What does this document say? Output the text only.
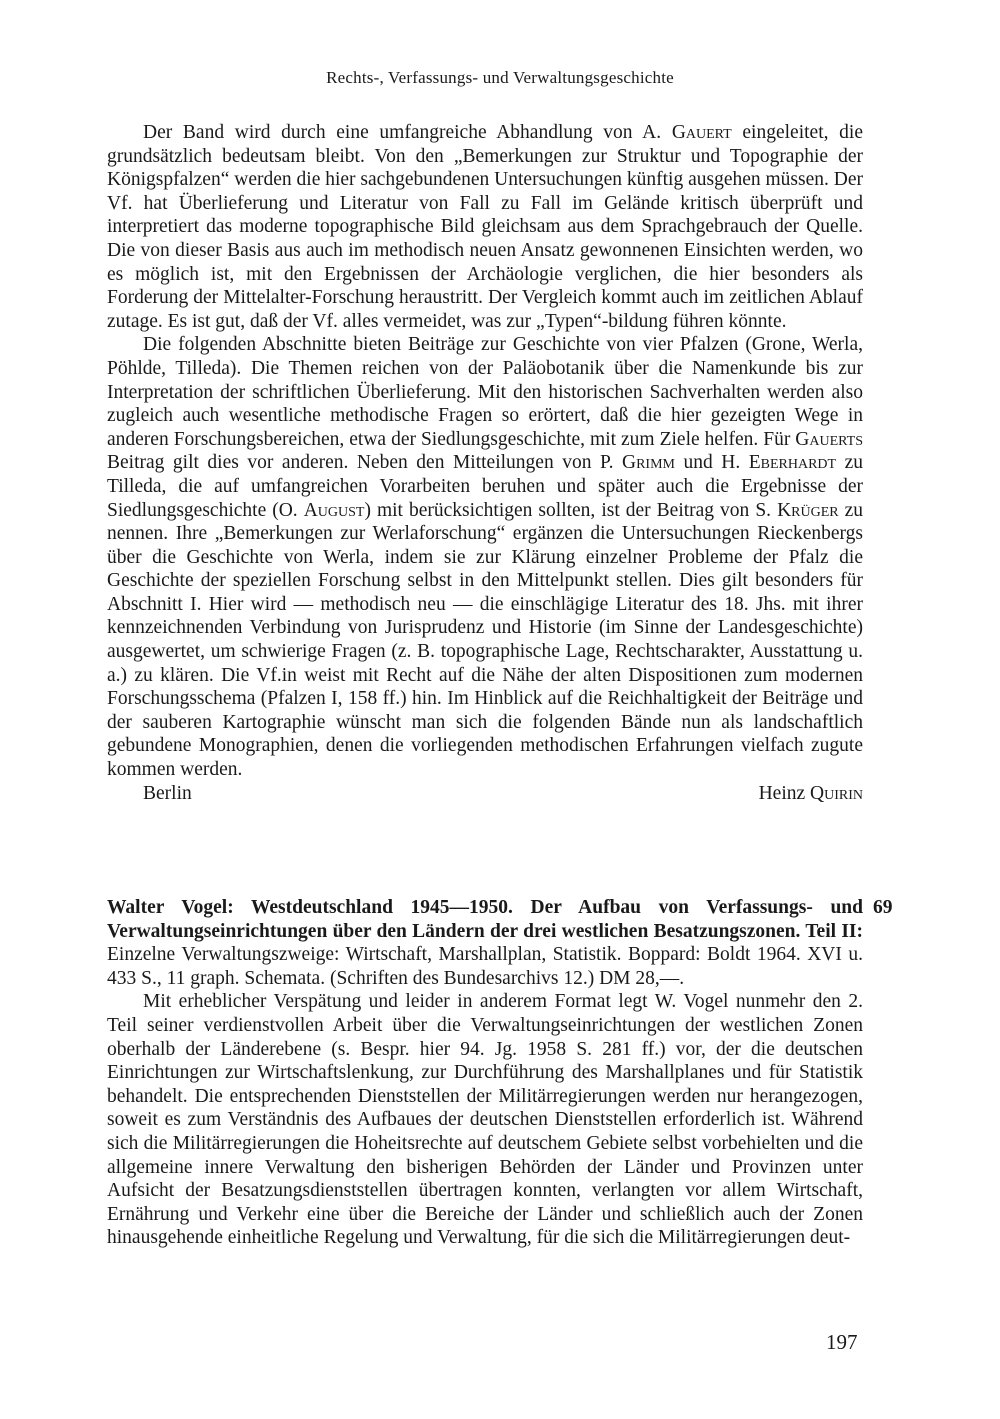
Rechts-, Verfassungs- und Verwaltungsgeschichte

Der Band wird durch eine umfangreiche Abhandlung von A. Gauert eingeleitet, die grundsätzlich bedeutsam bleibt. Von den „Bemerkungen zur Struktur und Topographie der Königspfalzen“ werden die hier sachgebundenen Untersuchungen künftig ausgehen müssen. Der Vf. hat Überlieferung und Literatur von Fall zu Fall im Gelände kritisch überprüft und interpretiert das moderne topographische Bild gleichsam aus dem Sprachgebrauch der Quelle. Die von dieser Basis aus auch im methodisch neuen Ansatz gewonnenen Einsichten werden, wo es möglich ist, mit den Ergebnissen der Archäologie verglichen, die hier besonders als Forderung der Mittelalter-Forschung heraustritt. Der Vergleich kommt auch im zeitlichen Ablauf zutage. Es ist gut, daß der Vf. alles vermeidet, was zur „Typen“-bildung führen könnte.

Die folgenden Abschnitte bieten Beiträge zur Geschichte von vier Pfalzen (Grone, Werla, Pöhlde, Tilleda). Die Themen reichen von der Paläobotanik über die Namenkunde bis zur Interpretation der schriftlichen Überlieferung. Mit den historischen Sachverhalten werden also zugleich auch wesentliche methodische Fragen so erörtert, daß die hier gezeigten Wege in anderen Forschungsbereichen, etwa der Siedlungsgeschichte, mit zum Ziele helfen. Für Gauerts Beitrag gilt dies vor anderen. Neben den Mitteilungen von P. Grimm und H. Eberhardt zu Tilleda, die auf umfangreichen Vorarbeiten beruhen und später auch die Ergebnisse der Siedlungsgeschichte (O. August) mit berücksichtigen sollten, ist der Beitrag von S. Krüger zu nennen. Ihre „Bemerkungen zur Werlaforschung“ ergänzen die Untersuchungen Rieckenbergs über die Geschichte von Werla, indem sie zur Klärung einzelner Probleme der Pfalz die Geschichte der speziellen Forschung selbst in den Mittelpunkt stellen. Dies gilt besonders für Abschnitt I. Hier wird — methodisch neu — die einschlägige Literatur des 18. Jhs. mit ihrer kennzeichnenden Verbindung von Jurisprudenz und Historie (im Sinne der Landesgeschichte) ausgewertet, um schwierige Fragen (z. B. topographische Lage, Rechtscharakter, Ausstattung u. a.) zu klären. Die Vf.in weist mit Recht auf die Nähe der alten Dispositionen zum modernen Forschungsschema (Pfalzen I, 158 ff.) hin. Im Hinblick auf die Reichhaltigkeit der Beiträge und der sauberen Kartographie wünscht man sich die folgenden Bände nun als landschaftlich gebundene Monographien, denen die vorliegenden methodischen Erfahrungen vielfach zugute kommen werden.

Berlin	Heinz Quirin
69

Walter Vogel: Westdeutschland 1945—1950. Der Aufbau von Verfassungs- und Verwaltungseinrichtungen über den Ländern der drei westlichen Besatzungszonen. Teil II: Einzelne Verwaltungszweige: Wirtschaft, Marshallplan, Statistik. Boppard: Boldt 1964. XVI u. 433 S., 11 graph. Schemata. (Schriften des Bundesarchivs 12.) DM 28,—.

Mit erheblicher Verspätung und leider in anderem Format legt W. Vogel nunmehr den 2. Teil seiner verdienstvollen Arbeit über die Verwaltungseinrichtungen der westlichen Zonen oberhalb der Länderebene (s. Bespr. hier 94. Jg. 1958 S. 281 ff.) vor, der die deutschen Einrichtungen zur Wirtschaftslenkung, zur Durchführung des Marshallplanes und für Statistik behandelt. Die entsprechenden Dienststellen der Militärregierungen werden nur herangezogen, soweit es zum Verständnis des Aufbaues der deutschen Dienststellen erforderlich ist. Während sich die Militärregierungen die Hoheitsrechte auf deutschem Gebiete selbst vorbehielten und die allgemeine innere Verwaltung den bisherigen Behörden der Länder und Provinzen unter Aufsicht der Besatzungsdienststellen übertragen konnten, verlangten vor allem Wirtschaft, Ernährung und Verkehr eine über die Bereiche der Länder und schließlich auch der Zonen hinausgehende einheitliche Regelung und Verwaltung, für die sich die Militärregierungen deut-

197
